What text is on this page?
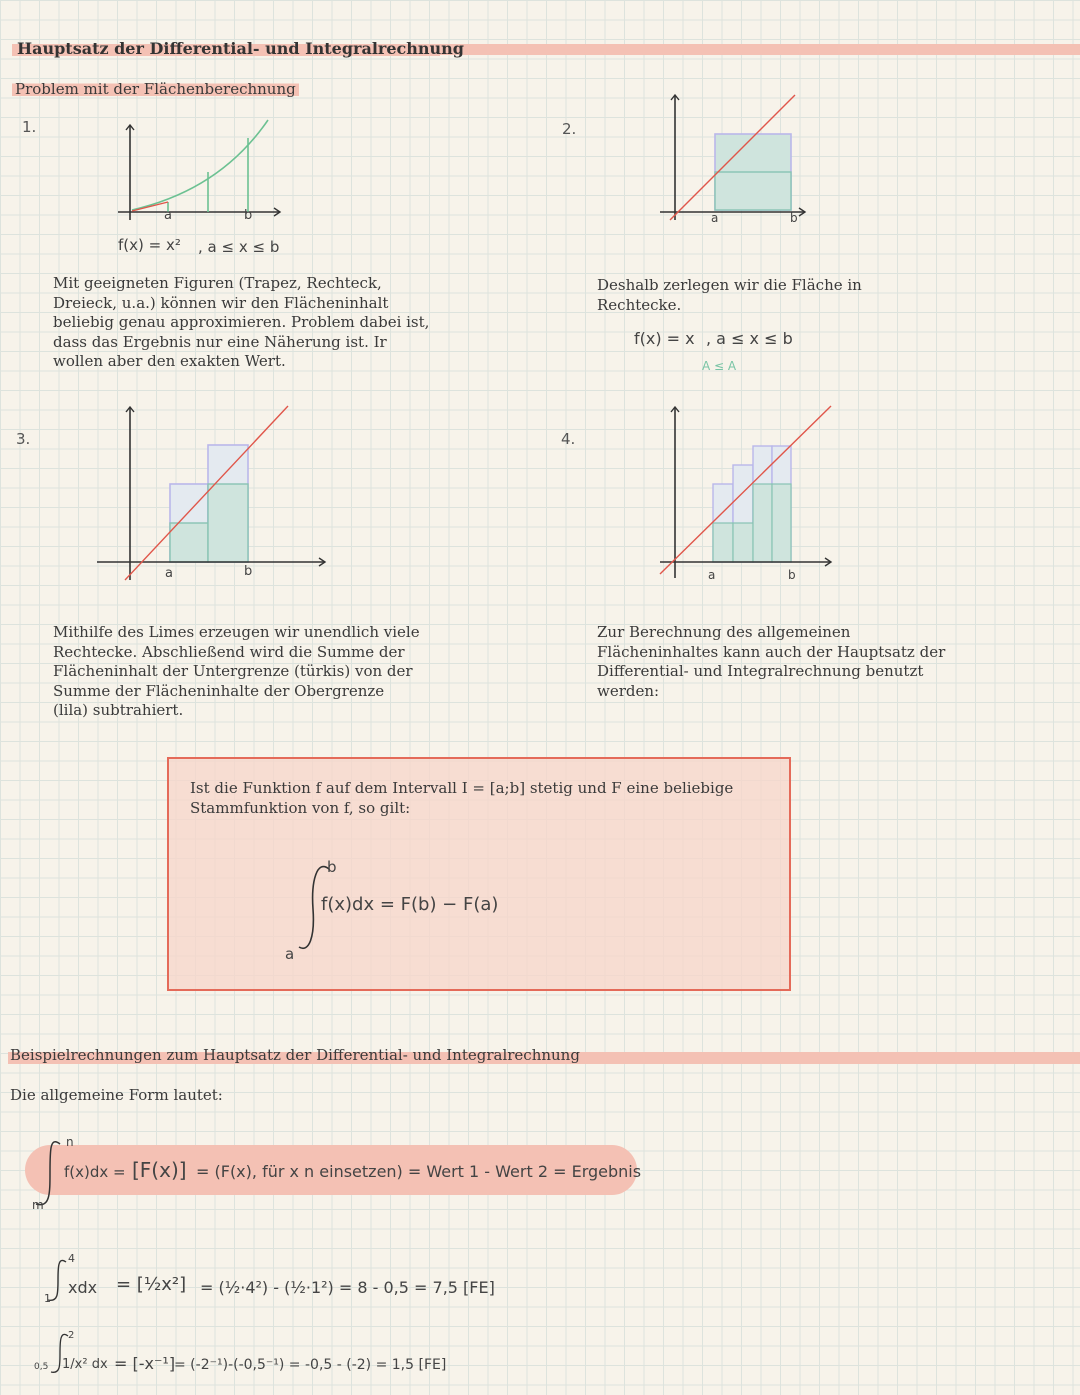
Hauptsatz der Differential- und Integralrechnung
Problem mit der Flächenberechnung
1.
a	b
f(x) = x² , a ≤ x ≤ b
Mit geeigneten Figuren (Trapez, Rechteck, Dreieck, u.a.) können wir den Flächeninhalt beliebig genau approximieren. Problem dabei ist, dass das Ergebnis nur eine Näherung ist. Ir wollen aber den exakten Wert.
2.
a	b
Deshalb zerlegen wir die Fläche in Rechtecke.
f(x) = x , a ≤ x ≤ b
A ≤ A
3.
a	b
Mithilfe des Limes erzeugen wir unendlich viele Rechtecke. Abschließend wird die Summe der Flächeninhalt der Untergrenze (türkis) von der Summe der Flächeninhalte der Obergrenze (lila) subtrahiert.
4.
a	b
Zur Berechnung des allgemeinen Flächeninhaltes kann auch der Hauptsatz der Differential- und Integralrechnung benutzt werden:
Ist die Funktion f auf dem Intervall I = [a;b] stetig und F eine beliebige Stammfunktion von f, so gilt:
b
a
f(x)dx = F(b) − F(a)
Beispielrechnungen zum Hauptsatz der Differential- und Integralrechnung
Die allgemeine Form lautet:
n
m
f(x)dx = [F(x)] = (F(x), für x n einsetzen) = Wert 1 - Wert 2 = Ergebnis
4
1
xdx = [½x²] = (½·4²) - (½·1²) = 8 - 0,5 = 7,5 [FE]
2
0,5 1/x² dx = [-x⁻¹]
= (-2⁻¹)-(-0,5⁻¹) = -0,5 - (-2) = 1,5 [FE]
